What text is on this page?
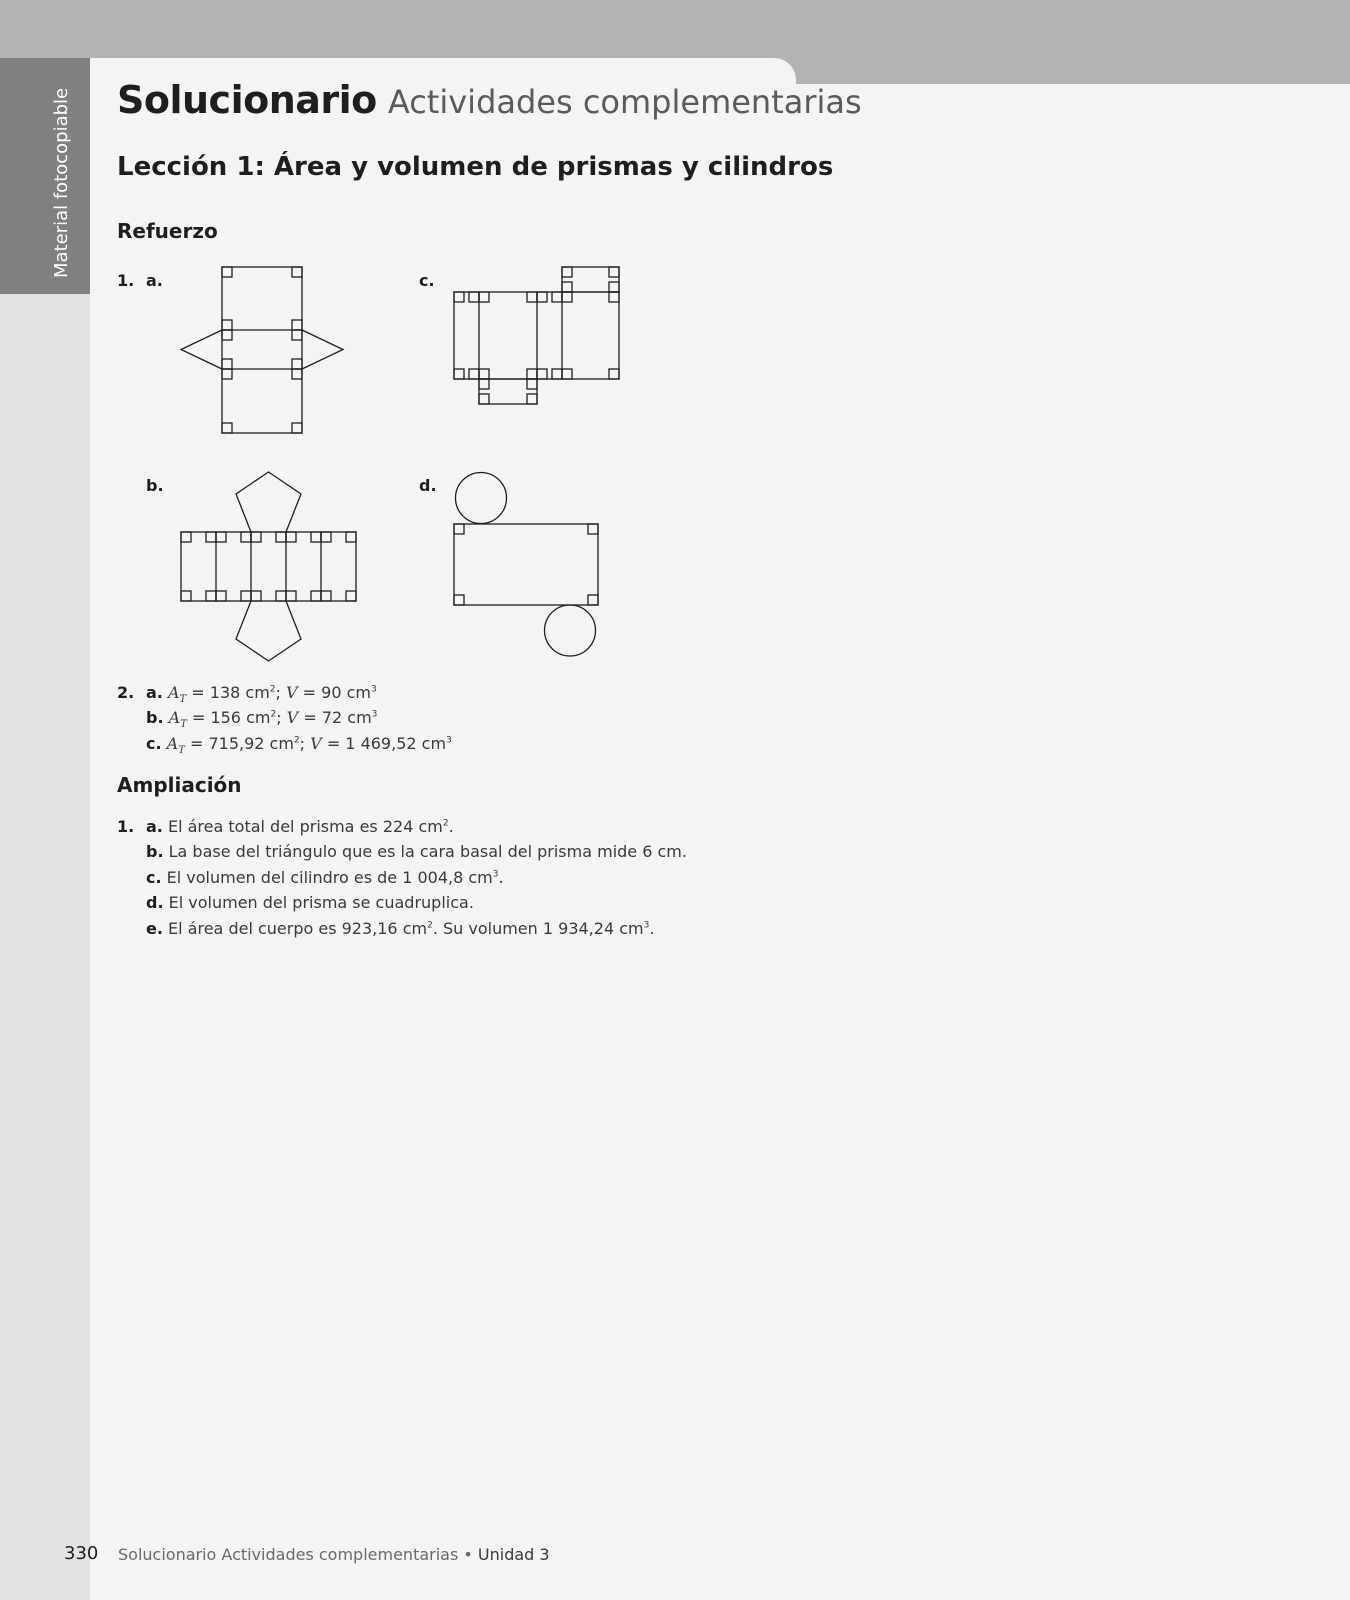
Material fotocopiable Solucionario Actividades complementarias
Lección 1: Área y volumen de prismas y cilindros
Refuerzo
1. a.
b.
c.
d.
2. a. $A_T = 138$ $cm^2$; V = 90 $cm^3$
b. $A_T = 156$ $cm^2$; V = 72 $cm^3$
c. $A_T = 715,92$ $cm^2$; V = 1 469,52 $cm^3$
Ampliación
1. a. El área total del prisma es 224 $cm^2$.
b. La base del triángulo que es la cara basal del prisma mide 6 cm.
c. El volumen del cilindro es de 1 004,8 $cm^3$.
d. El volumen del prisma se cuadruplica.
e. El área del cuerpo es 923,16 $cm^2$. Su volumen 1 934,24 $cm^3$.
330 Solucionario Actividades complementarias • Unidad 3
